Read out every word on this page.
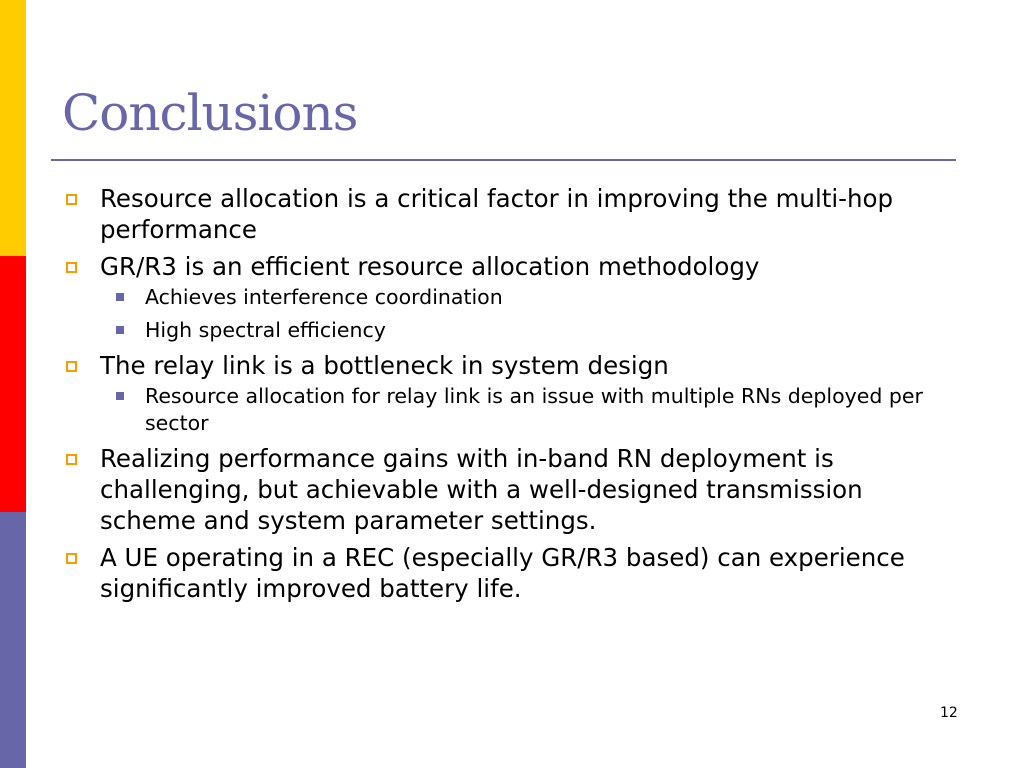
Conclusions
Resource allocation is a critical factor in improving the multi-hop performance
GR/R3 is an efficient resource allocation methodology
Achieves interference coordination
High spectral efficiency
The relay link is a bottleneck in system design
Resource allocation for relay link is an issue with multiple RNs deployed per sector
Realizing performance gains with in-band RN deployment is challenging, but achievable with a well-designed transmission scheme and system parameter settings.
A UE operating in a REC (especially GR/R3 based) can experience significantly improved battery life.
12
